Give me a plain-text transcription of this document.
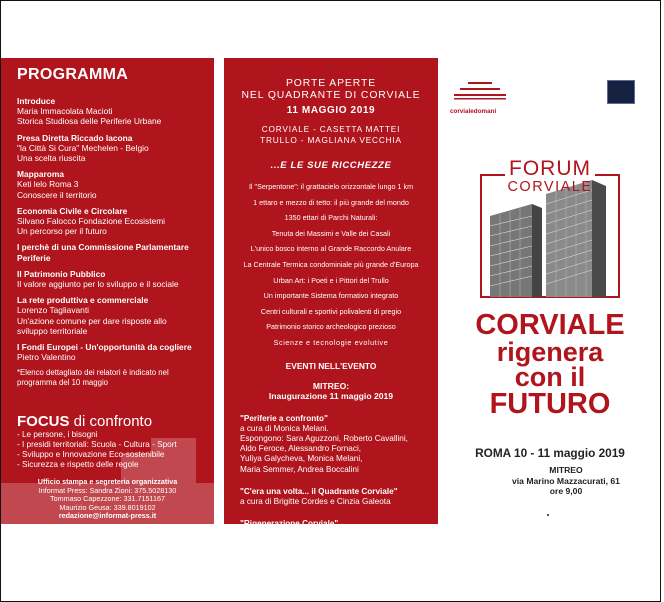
PROGRAMMA
Introduce
Maria Immacolata Macioti
Storica Studiosa delle Periferie Urbane
Presa Diretta Riccado Iacona
"la Città Si Cura" Mechelen - Belgio
Una scelta riuscita
Mapparoma
Keti lelo Roma 3
Conoscere il territorio
Economia Civile e Circolare
Silvano Falocco Fondazione Ecosistemi
Un percorso per il futuro
I perchè di una Commissione Parlamentare
Periferie
Il Patrimonio Pubblico
Il valore aggiunto per lo sviluppo e il sociale
La rete produttiva e commerciale
Lorenzo Tagliavanti
Un'azione comune per dare risposte allo
sviluppo territoriale
I Fondi Europei - Un'opportunità da cogliere
Pietro Valentino
*Elenco dettagliato dei relatori è indicato nel
programma del 10 maggio
FOCUS di confronto
- Le persone, i bisogni
- I presidi territoriali: Scuola - Cultura - Sport
- Sviluppo e Innovazione Eco-sostenibile
- Sicurezza e rispetto delle regole
Ufficio stampa e segreteria organizzativa
Informat Press: Sandra Zioni: 375.5028130
Tommaso Capezzone: 331.7151167
Maurizio Geusa: 339.8019102
redazione@informat-press.it
PORTE APERTE
NEL QUADRANTE DI CORVIALE
11 MAGGIO 2019
CORVIALE - CASETTA MATTEI
TRULLO - MAGLIANA VECCHIA
...E LE SUE RICCHEZZE
Il "Serpentone": il grattacielo orizzontale lungo 1 km
1 ettaro e mezzo di tetto: il più grande del mondo
1350 ettari di Parchi Naturali:
Tenuta dei Massimi e Valle dei Casali
L'unico bosco interno al Grande Raccordo Anulare
La Centrale Termica condominiale più grande d'Europa
Urban Art: i Poeti e i Pittori del Trullo
Un importante Sistema formativo integrato
Centri culturali e sportivi polivalenti di pregio
Patrimonio storico archeologico prezioso
Scienze e tecnologie evolutive
EVENTI NELL'EVENTO
MITREO:
Inaugurazione 11 maggio 2019
"Periferie a confronto"
a cura di Monica Melani.
Espongono: Sara Aguzzoni, Roberto Cavallini,
Aldo Feroce, Alessandro Fornaci,
Yuliya Galycheva, Monica Melani,
Maria Semmer, Andrea Boccalini
"C'era una volta... il Quadrante Corviale"
a cura di Brigitte Cordes e Cinzia Galeota
"Rigenerazione Corviale"
progetti di Laura Peretti e Guendalina Salimei
corvialedomani
FORUM
CORVIALE
CORVIALE
rigenera
con il
FUTURO
ROMA 10 - 11 maggio 2019
MITREO
via Marino Mazzacurati, 61
ore 9,00
